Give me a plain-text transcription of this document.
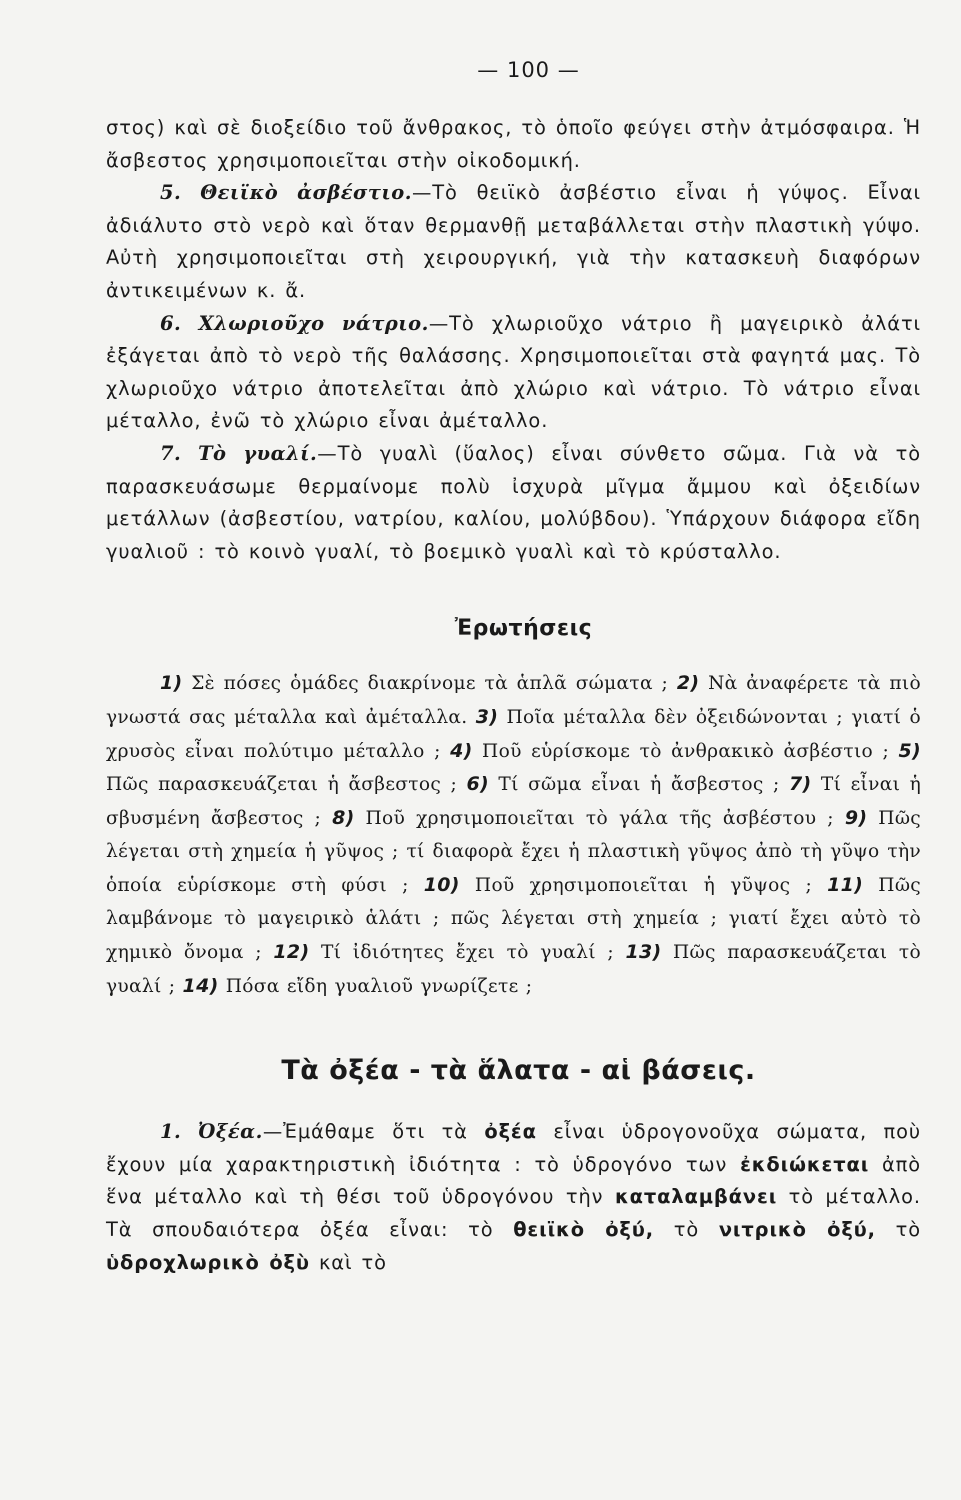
— 100 —

στος) καὶ σὲ διοξείδιο τοῦ ἄνθρακος, τὸ ὁποῖο φεύγει στὴν ἀτμόσφαιρα. Ἡ ἄσβεστος χρησιμοποιεῖται στὴν οἰκοδομική.

5. Θειϊκὸ ἀσβέστιο.—Τὸ θειϊκὸ ἀσβέστιο εἶναι ἡ γύψος. Εἶναι ἀδιάλυτο στὸ νερὸ καὶ ὅταν θερμανθῇ μεταβάλλεται στὴν πλαστικὴ γύψο. Αὐτὴ χρησιμοποιεῖται στὴ χειρουργική, γιὰ τὴν κατασκευὴ διαφόρων ἀντικειμένων κ. ἄ.

6. Χλωριοῦχο νάτριο.—Τὸ χλωριοῦχο νάτριο ἢ μαγειρικὸ ἀλάτι ἐξάγεται ἀπὸ τὸ νερὸ τῆς θαλάσσης. Χρησιμοποιεῖται στὰ φαγητά μας. Τὸ χλωριοῦχο νάτριο ἀποτελεῖται ἀπὸ χλώριο καὶ νάτριο. Τὸ νάτριο εἶναι μέταλλο, ἐνῶ τὸ χλώριο εἶναι ἀμέταλλο.

7. Τὸ γυαλί.—Τὸ γυαλὶ (ὕαλος) εἶναι σύνθετο σῶμα. Γιὰ νὰ τὸ παρασκευάσωμε θερμαίνομε πολὺ ἰσχυρὰ μῖγμα ἄμμου καὶ ὀξειδίων μετάλλων (ἀσβεστίου, νατρίου, καλίου, μολύβδου). Ὑπάρχουν διάφορα εἴδη γυαλιοῦ : τὸ κοινὸ γυαλί, τὸ βοεμικὸ γυαλὶ καὶ τὸ κρύσταλλο.

Ἐρωτήσεις

1) Σὲ πόσες ὁμάδες διακρίνομε τὰ ἁπλᾶ σώματα ; 2) Νὰ ἀναφέρετε τὰ πιὸ γνωστά σας μέταλλα καὶ ἀμέταλλα. 3) Ποῖα μέταλλα δὲν ὀξειδώνονται ; γιατί ὁ χρυσὸς εἶναι πολύτιμο μέταλλο ; 4) Ποῦ εὑρίσκομε τὸ ἀνθρακικὸ ἀσβέστιο ; 5) Πῶς παρασκευάζεται ἡ ἄσβεστος ; 6) Τί σῶμα εἶναι ἡ ἄσβεστος ; 7) Τί εἶναι ἡ σβυσμένη ἄσβεστος ; 8) Ποῦ χρησιμοποιεῖται τὸ γάλα τῆς ἀσβέστου ; 9) Πῶς λέγεται στὴ χημεία ἡ γῦψος ; τί διαφορὰ ἔχει ἡ πλαστικὴ γῦψος ἀπὸ τὴ γῦψο τὴν ὁποία εὑρίσκομε στὴ φύσι ; 10) Ποῦ χρησιμοποιεῖται ἡ γῦψος ; 11) Πῶς λαμβάνομε τὸ μαγειρικὸ ἁλάτι ; πῶς λέγεται στὴ χημεία ; γιατί ἔχει αὐτὸ τὸ χημικὸ ὄνομα ; 12) Τί ἰδιότητες ἔχει τὸ γυαλί ; 13) Πῶς παρασκευάζεται τὸ γυαλί ; 14) Πόσα εἴδη γυαλιοῦ γνωρίζετε ;

Τὰ ὀξέα - τὰ ἅλατα - αἱ βάσεις.

1. Ὀξέα.—Ἐμάθαμε ὅτι τὰ ὀξέα εἶναι ὑδρογονοῦχα σώματα, ποὺ ἔχουν μία χαρακτηριστικὴ ἰδιότητα : τὸ ὑδρογόνο των ἐκδιώκεται ἀπὸ ἕνα μέταλλο καὶ τὴ θέσι τοῦ ὑδρογόνου τὴν καταλαμβάνει τὸ μέταλλο. Τὰ σπουδαιότερα ὀξέα εἶναι: τὸ θειϊκὸ ὀξύ, τὸ νιτρικὸ ὀξύ, τὸ ὑδροχλωρικὸ ὀξὺ καὶ τὸ
